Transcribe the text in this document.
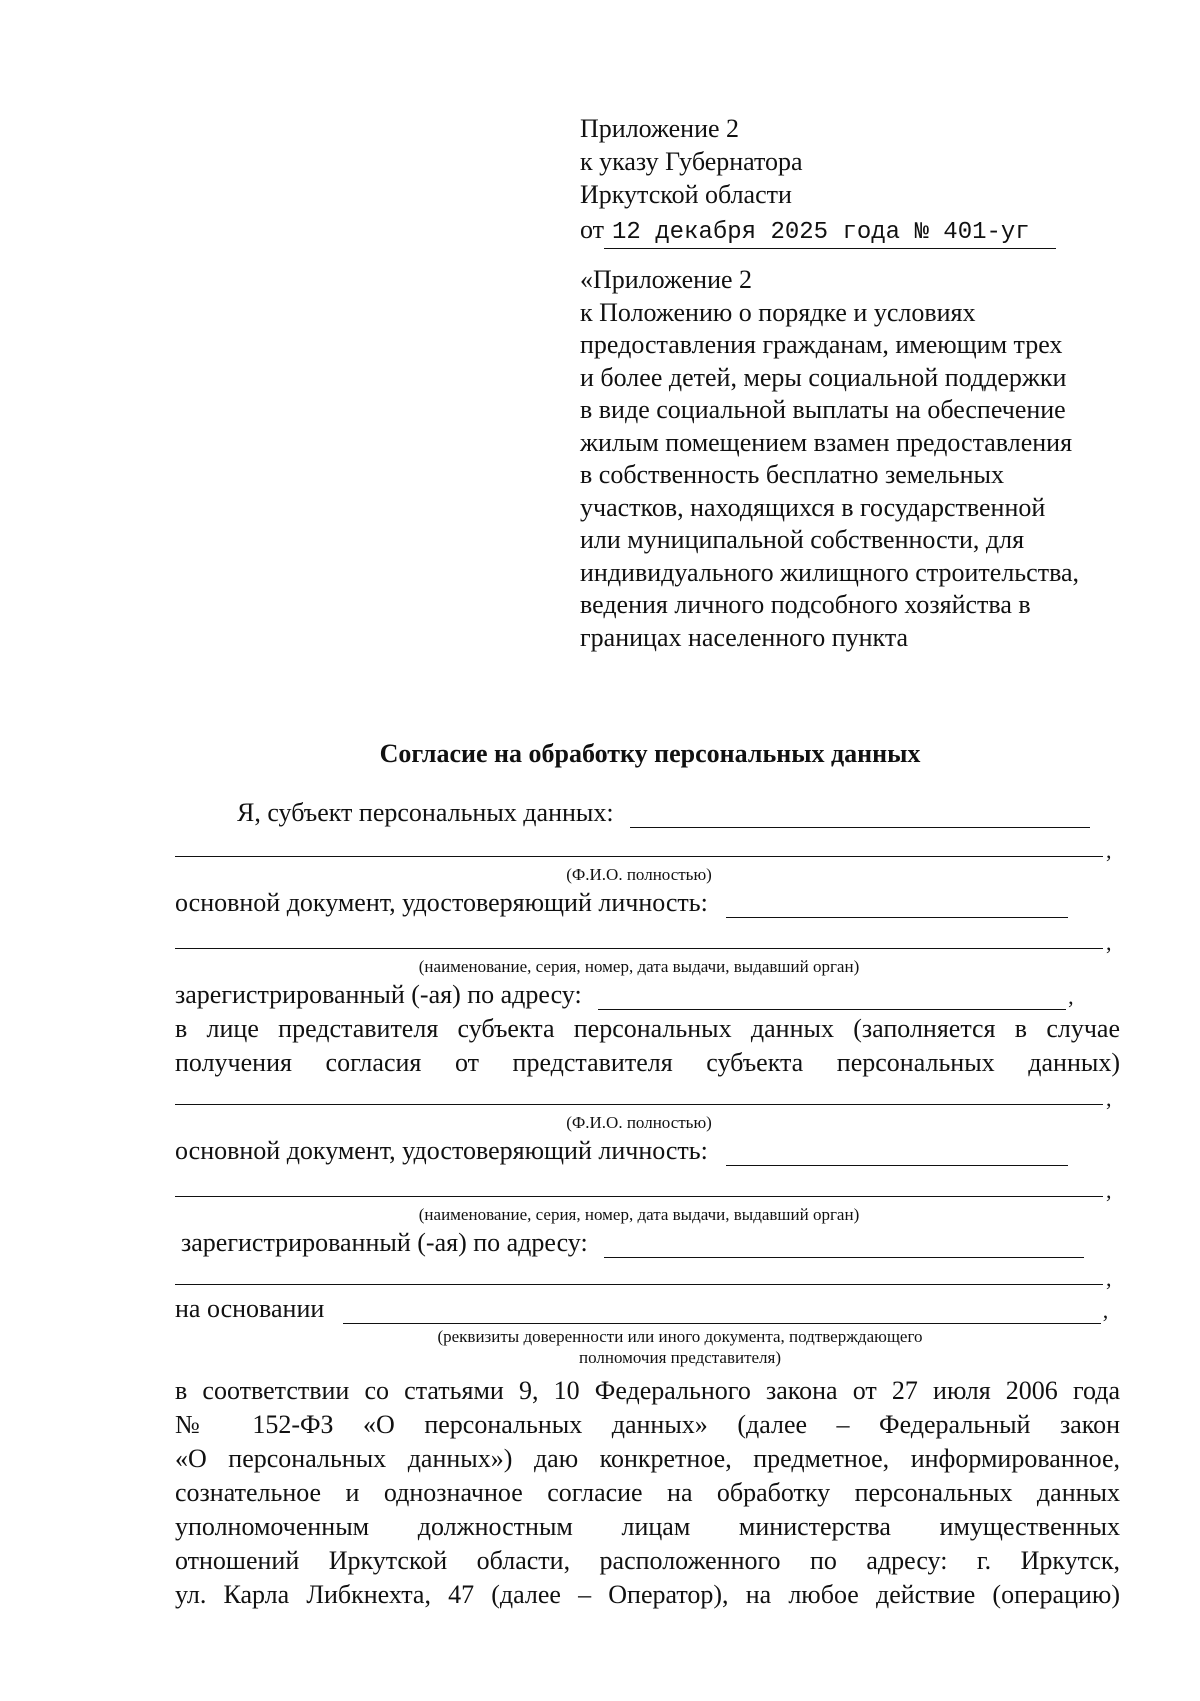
Приложение 2
к указу Губернатора
Иркутской области
от 12 декабря 2025 года № 401-уг
«Приложение 2
к Положению о порядке и условиях
предоставления гражданам, имеющим трех
и более детей, меры социальной поддержки
в виде социальной выплаты на обеспечение
жилым помещением взамен предоставления
в собственность бесплатно земельных
участков, находящихся в государственной
или муниципальной собственности, для
индивидуального жилищного строительства,
ведения личного подсобного хозяйства в
границах населенного пункта
Согласие на обработку персональных данных
Я, субъект персональных данных:
,
(Ф.И.О. полностью)
основной документ, удостоверяющий личность:
,
(наименование, серия, номер, дата выдачи, выдавший орган)
зарегистрированный (-ая) по адресу:	,
в лице представителя субъекта персональных данных (заполняется в случае
получения согласия от представителя субъекта персональных данных)
,
(Ф.И.О. полностью)
основной документ, удостоверяющий личность:
,
(наименование, серия, номер, дата выдачи, выдавший орган)
зарегистрированный (-ая) по адресу:
,
на основании	,
(реквизиты доверенности или иного документа, подтверждающего
полномочия представителя)
в соответствии со статьями 9, 10 Федерального закона от 27 июля 2006 года
№ 152-ФЗ «О персональных данных» (далее – Федеральный закон
«О персональных данных») даю конкретное, предметное, информированное,
сознательное и однозначное согласие на обработку персональных данных
уполномоченным должностным лицам министерства имущественных
отношений Иркутской области, расположенного по адресу: г. Иркутск,
ул. Карла Либкнехта, 47 (далее – Оператор), на любое действие (операцию)
